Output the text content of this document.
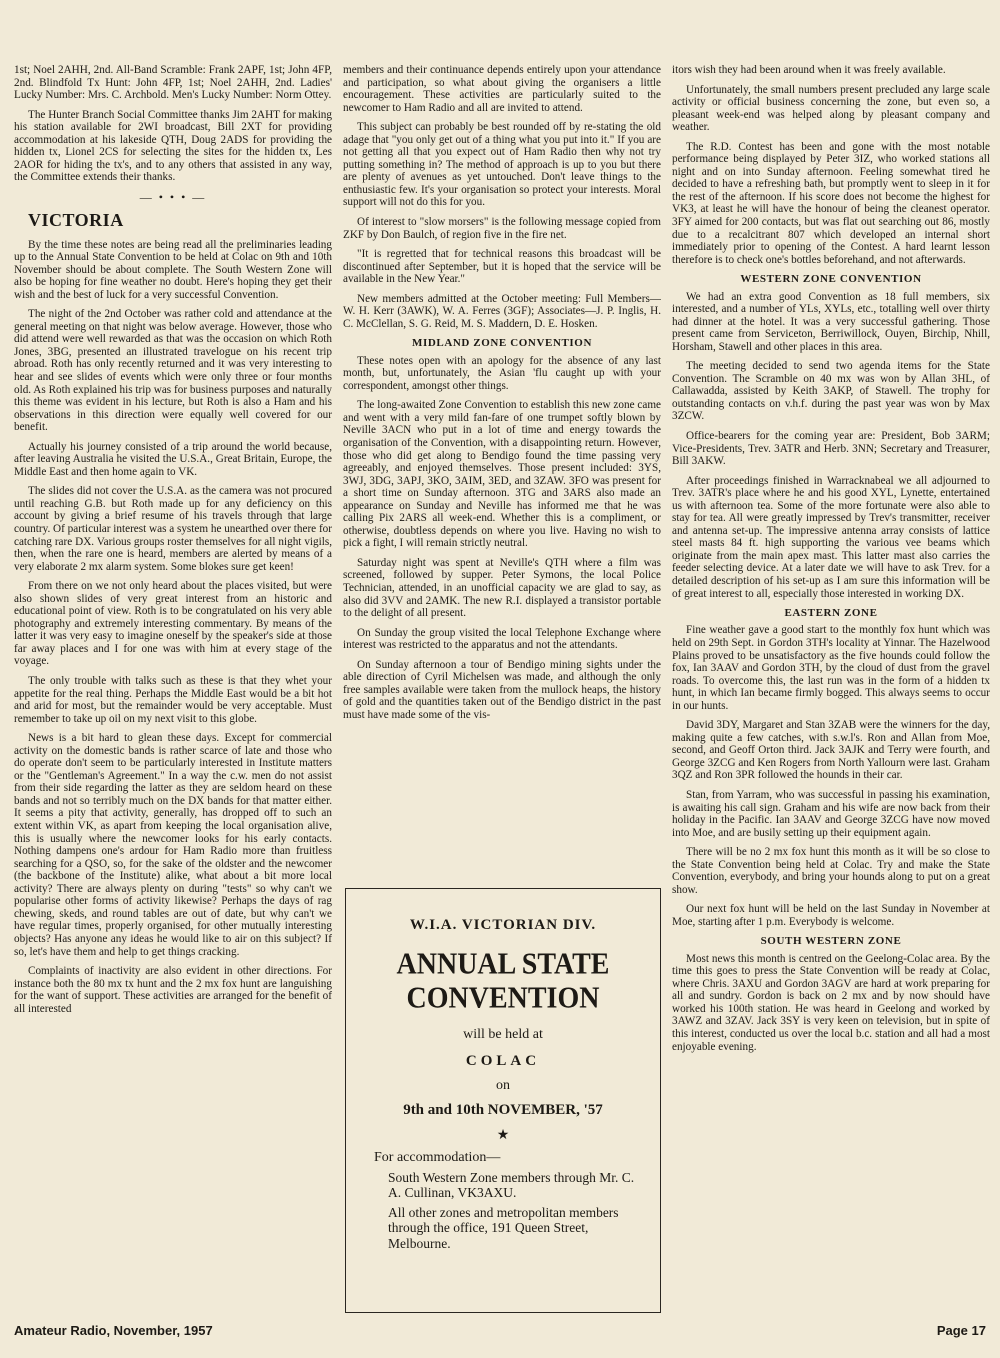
1st; Noel 2AHH, 2nd. All-Band Scramble: Frank 2APF, 1st; John 4FP, 2nd. Blindfold Tx Hunt: John 4FP, 1st; Noel 2AHH, 2nd. Ladies' Lucky Number: Mrs. C. Archbold. Men's Lucky Number: Norm Ottey.

The Hunter Branch Social Committee thanks Jim 2AHT for making his station available for 2WI broadcast, Bill 2XT for providing accommodation at his lakeside QTH, Doug 2ADS for providing the hidden tx, Lionel 2CS for selecting the sites for the hidden tx, Les 2AOR for hiding the tx's, and to any others that assisted in any way, the Committee extends their thanks.

— • • • —
VICTORIA

By the time these notes are being read all the preliminaries leading up to the Annual State Convention to be held at Colac on 9th and 10th November should be about complete. The South Western Zone will also be hoping for fine weather no doubt. Here's hoping they get their wish and the best of luck for a very successful Convention.

The night of the 2nd October was rather cold and attendance at the general meeting on that night was below average. However, those who did attend were well rewarded as that was the occasion on which Roth Jones, 3BG, presented an illustrated travelogue on his recent trip abroad. Roth has only recently returned and it was very interesting to hear and see slides of events which were only three or four months old. As Roth explained his trip was for business purposes and naturally this theme was evident in his lecture, but Roth is also a Ham and his observations in this direction were equally well covered for our benefit.

Actually his journey consisted of a trip around the world because, after leaving Australia he visited the U.S.A., Great Britain, Europe, the Middle East and then home again to VK.

The slides did not cover the U.S.A. as the camera was not procured until reaching G.B. but Roth made up for any deficiency on this account by giving a brief resume of his travels through that large country. Of particular interest was a system he unearthed over there for catching rare DX. Various groups roster themselves for all night vigils, then, when the rare one is heard, members are alerted by means of a very elaborate 2 mx alarm system. Some blokes sure get keen!

From there on we not only heard about the places visited, but were also shown slides of very great interest from an historic and educational point of view. Roth is to be congratulated on his very able photography and extremely interesting commentary. By means of the latter it was very easy to imagine oneself by the speaker's side at those far away places and I for one was with him at every stage of the voyage.

The only trouble with talks such as these is that they whet your appetite for the real thing. Perhaps the Middle East would be a bit hot and arid for most, but the remainder would be very acceptable. Must remember to take up oil on my next visit to this globe.

News is a bit hard to glean these days. Except for commercial activity on the domestic bands is rather scarce of late and those who do operate don't seem to be particularly interested in Institute matters or the "Gentleman's Agreement." In a way the c.w. men do not assist from their side regarding the latter as they are seldom heard on these bands and not so terribly much on the DX bands for that matter either. It seems a pity that activity, generally, has dropped off to such an extent within VK, as apart from keeping the local organisation alive, this is usually where the newcomer looks for his early contacts. Nothing dampens one's ardour for Ham Radio more than fruitless searching for a QSO, so, for the sake of the oldster and the newcomer (the backbone of the Institute) alike, what about a bit more local activity? There are always plenty on during "tests" so why can't we popularise other forms of activity likewise? Perhaps the days of rag chewing, skeds, and round tables are out of date, but why can't we have regular times, properly organised, for other mutually interesting objects? Has anyone any ideas he would like to air on this subject? If so, let's have them and help to get things cracking.

Complaints of inactivity are also evident in other directions. For instance both the 80 mx tx hunt and the 2 mx fox hunt are languishing for the want of support. These activities are arranged for the benefit of all interested

members and their continuance depends entirely upon your attendance and participation, so what about giving the organisers a little encouragement. These activities are particularly suited to the newcomer to Ham Radio and all are invited to attend.

This subject can probably be best rounded off by re-stating the old adage that "you only get out of a thing what you put into it." If you are not getting all that you expect out of Ham Radio then why not try putting something in? The method of approach is up to you but there are plenty of avenues as yet untouched. Don't leave things to the enthusiastic few. It's your organisation so protect your interests. Moral support will not do this for you.

Of interest to "slow morsers" is the following message copied from ZKF by Don Baulch, of region five in the fire net.

"It is regretted that for technical reasons this broadcast will be discontinued after September, but it is hoped that the service will be available in the New Year."

New members admitted at the October meeting: Full Members—W. H. Kerr (3AWK), W. A. Ferres (3GF); Associates—J. P. Inglis, H. C. McClellan, S. G. Reid, M. S. Maddern, D. E. Hosken.

MIDLAND ZONE CONVENTION

These notes open with an apology for the absence of any last month, but, unfortunately, the Asian 'flu caught up with your correspondent, amongst other things.

The long-awaited Zone Convention to establish this new zone came and went with a very mild fan-fare of one trumpet softly blown by Neville 3ACN who put in a lot of time and energy towards the organisation of the Convention, with a disappointing return. However, those who did get along to Bendigo found the time passing very agreeably, and enjoyed themselves. Those present included: 3YS, 3WJ, 3DG, 3APJ, 3KO, 3AIM, 3ED, and 3ZAW. 3FO was present for a short time on Sunday afternoon. 3TG and 3ARS also made an appearance on Sunday and Neville has informed me that he was calling Pix 2ARS all week-end. Whether this is a compliment, or otherwise, doubtless depends on where you live. Having no wish to pick a fight, I will remain strictly neutral.

Saturday night was spent at Neville's QTH where a film was screened, followed by supper. Peter Symons, the local Police Technician, attended, in an unofficial capacity we are glad to say, as also did 3VV and 2AMK. The new R.I. displayed a transistor portable to the delight of all present.

On Sunday the group visited the local Telephone Exchange where interest was restricted to the apparatus and not the attendants.

On Sunday afternoon a tour of Bendigo mining sights under the able direction of Cyril Michelsen was made, and although the only free samples available were taken from the mullock heaps, the history of gold and the quantities taken out of the Bendigo district in the past must have made some of the vis-

W.I.A. VICTORIAN DIV.
ANNUAL STATE
CONVENTION
will be held at
COLAC
on
9th and 10th NOVEMBER, '57
★
For accommodation—
South Western Zone members through Mr. C. A. Cullinan, VK3AXU.
All other zones and metropolitan members through the office, 191 Queen Street, Melbourne.

itors wish they had been around when it was freely available.

Unfortunately, the small numbers present precluded any large scale activity or official business concerning the zone, but even so, a pleasant week-end was helped along by pleasant company and weather.

The R.D. Contest has been and gone with the most notable performance being displayed by Peter 3IZ, who worked stations all night and on into Sunday afternoon. Feeling somewhat tired he decided to have a refreshing bath, but promptly went to sleep in it for the rest of the afternoon. If his score does not become the highest for VK3, at least he will have the honour of being the cleanest operator. 3FY aimed for 200 contacts, but was flat out searching out 86, mostly due to a recalcitrant 807 which developed an internal short immediately prior to opening of the Contest. A hard learnt lesson therefore is to check one's bottles beforehand, and not afterwards.

WESTERN ZONE CONVENTION

We had an extra good Convention as 18 full members, six interested, and a number of YLs, XYLs, etc., totalling well over thirty had dinner at the hotel. It was a very successful gathering. Those present came from Serviceton, Berriwillock, Ouyen, Birchip, Nhill, Horsham, Stawell and other places in this area.

The meeting decided to send two agenda items for the State Convention. The Scramble on 40 mx was won by Allan 3HL, of Callawadda, assisted by Keith 3AKP, of Stawell. The trophy for outstanding contacts on v.h.f. during the past year was won by Max 3ZCW.

Office-bearers for the coming year are: President, Bob 3ARM; Vice-Presidents, Trev. 3ATR and Herb. 3NN; Secretary and Treasurer, Bill 3AKW.

After proceedings finished in Warracknabeal we all adjourned to Trev. 3ATR's place where he and his good XYL, Lynette, entertained us with afternoon tea. Some of the more fortunate were also able to stay for tea. All were greatly impressed by Trev's transmitter, receiver and antenna set-up. The impressive antenna array consists of lattice steel masts 84 ft. high supporting the various vee beams which originate from the main apex mast. This latter mast also carries the feeder selecting device. At a later date we will have to ask Trev. for a detailed description of his set-up as I am sure this information will be of great interest to all, especially those interested in working DX.

EASTERN ZONE

Fine weather gave a good start to the monthly fox hunt which was held on 29th Sept. in Gordon 3TH's locality at Yinnar. The Hazelwood Plains proved to be unsatisfactory as the five hounds could follow the fox, Ian 3AAV and Gordon 3TH, by the cloud of dust from the gravel roads. To overcome this, the last run was in the form of a hidden tx hunt, in which Ian became firmly bogged. This always seems to occur in our hunts.

David 3DY, Margaret and Stan 3ZAB were the winners for the day, making quite a few catches, with s.w.l's. Ron and Allan from Moe, second, and Geoff Orton third. Jack 3AJK and Terry were fourth, and George 3ZCG and Ken Rogers from North Yallourn were last. Graham 3QZ and Ron 3PR followed the hounds in their car.

Stan, from Yarram, who was successful in passing his examination, is awaiting his call sign. Graham and his wife are now back from their holiday in the Pacific. Ian 3AAV and George 3ZCG have now moved into Moe, and are busily setting up their equipment again.

There will be no 2 mx fox hunt this month as it will be so close to the State Convention being held at Colac. Try and make the State Convention, everybody, and bring your hounds along to put on a great show.

Our next fox hunt will be held on the last Sunday in November at Moe, starting after 1 p.m. Everybody is welcome.

SOUTH WESTERN ZONE

Most news this month is centred on the Geelong-Colac area. By the time this goes to press the State Convention will be ready at Colac, where Chris. 3AXU and Gordon 3AGV are hard at work preparing for all and sundry. Gordon is back on 2 mx and by now should have worked his 100th station. He was heard in Geelong and worked by 3AWZ and 3ZAV. Jack 3SY is very keen on television, but in spite of this interest, conducted us over the local b.c. station and all had a most enjoyable evening.

Amateur Radio, November, 1957	Page 17
